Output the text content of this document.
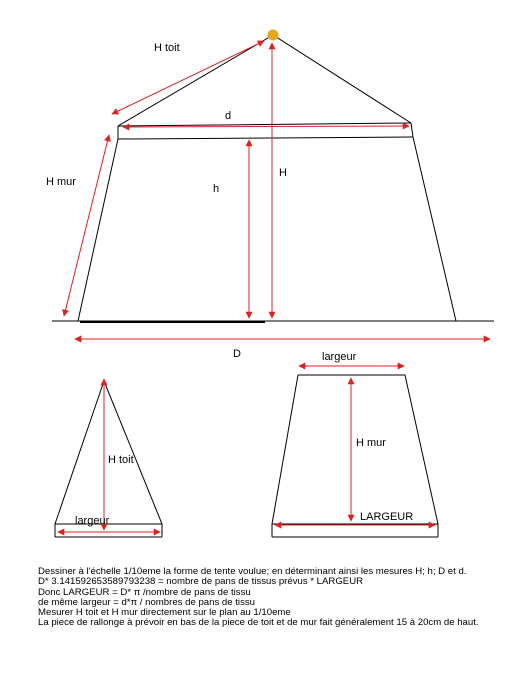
H toit
H mur
d
h
H
D
H toit
largeur
largeur
H mur
LARGEUR
Dessiner à l'échelle 1/10eme la forme de tente voulue; en déterminant ainsi les mesures H; h; D et d.
D* 3.141592653589793238 = nombre de pans de tissus prévus * LARGEUR
Donc LARGEUR = D* π /nombre de pans de tissu
de même largeur = d*π / nombres de pans de tissu
Mesurer H toit et H mur directement sur le plan au 1/10eme
La piece de rallonge à prévoir en bas de la piece de toit et de mur fait généralement 15 à 20cm de haut.
